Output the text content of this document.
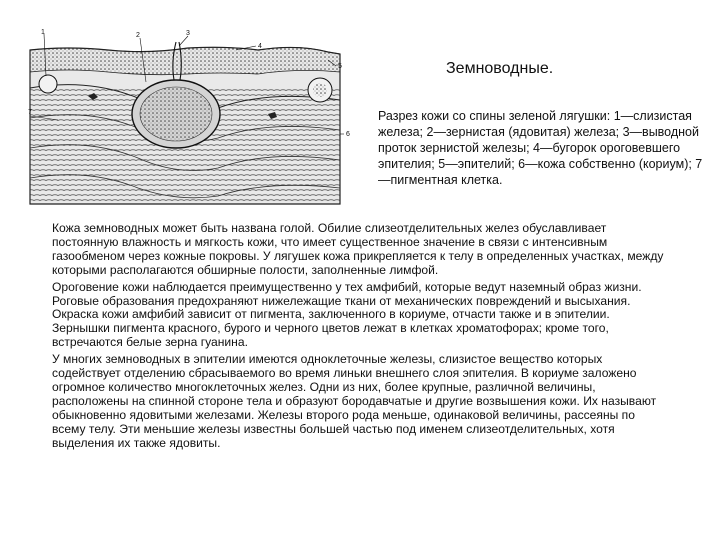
1	2	3
4
5
6
7
Земноводные.
Разрез кожи со спины зеленой лягушки: 1—слизистая железа; 2—зернистая (ядовитая) железа; 3—выводной проток зернистой железы; 4—бугорок ороговевшего эпителия; 5—эпителий; 6—кожа собственно (кориум); 7—пигментная клетка.

Кожа земноводных может быть названа голой. Обилие слизеотделительных желез обуславливает постоянную влажность и мягкость кожи, что имеет существенное значение в связи с интенсивным газообменом через кожные покровы. У лягушек кожа прикрепляется к телу в определенных участках, между которыми располагаются обширные полости, заполненные лимфой.

Ороговение кожи наблюдается преимущественно у тех амфибий, которые ведут наземный образ жизни. Роговые образования предохраняют нижележащие ткани от механических повреждений и высыхания. Окраска кожи амфибий зависит от пигмента, заключенного в кориуме, отчасти также и в эпителии. Зернышки пигмента красного, бурого и черного цветов лежат в клетках хроматофорах; кроме того, встречаются белые зерна гуанина.

У многих земноводных в эпителии имеются одноклеточные железы, слизистое вещество которых содействует отделению сбрасываемого во время линьки внешнего слоя эпителия. В кориуме заложено огромное количество многоклеточных желез. Одни из них, более крупные, различной величины, расположены на спинной стороне тела и образуют бородавчатые и другие возвышения кожи. Их называют обыкновенно ядовитыми железами. Железы второго рода меньше, одинаковой величины, рассеяны по всему телу. Эти меньшие железы известны большей частью под именем слизеотделительных, хотя выделения их также ядовиты.
